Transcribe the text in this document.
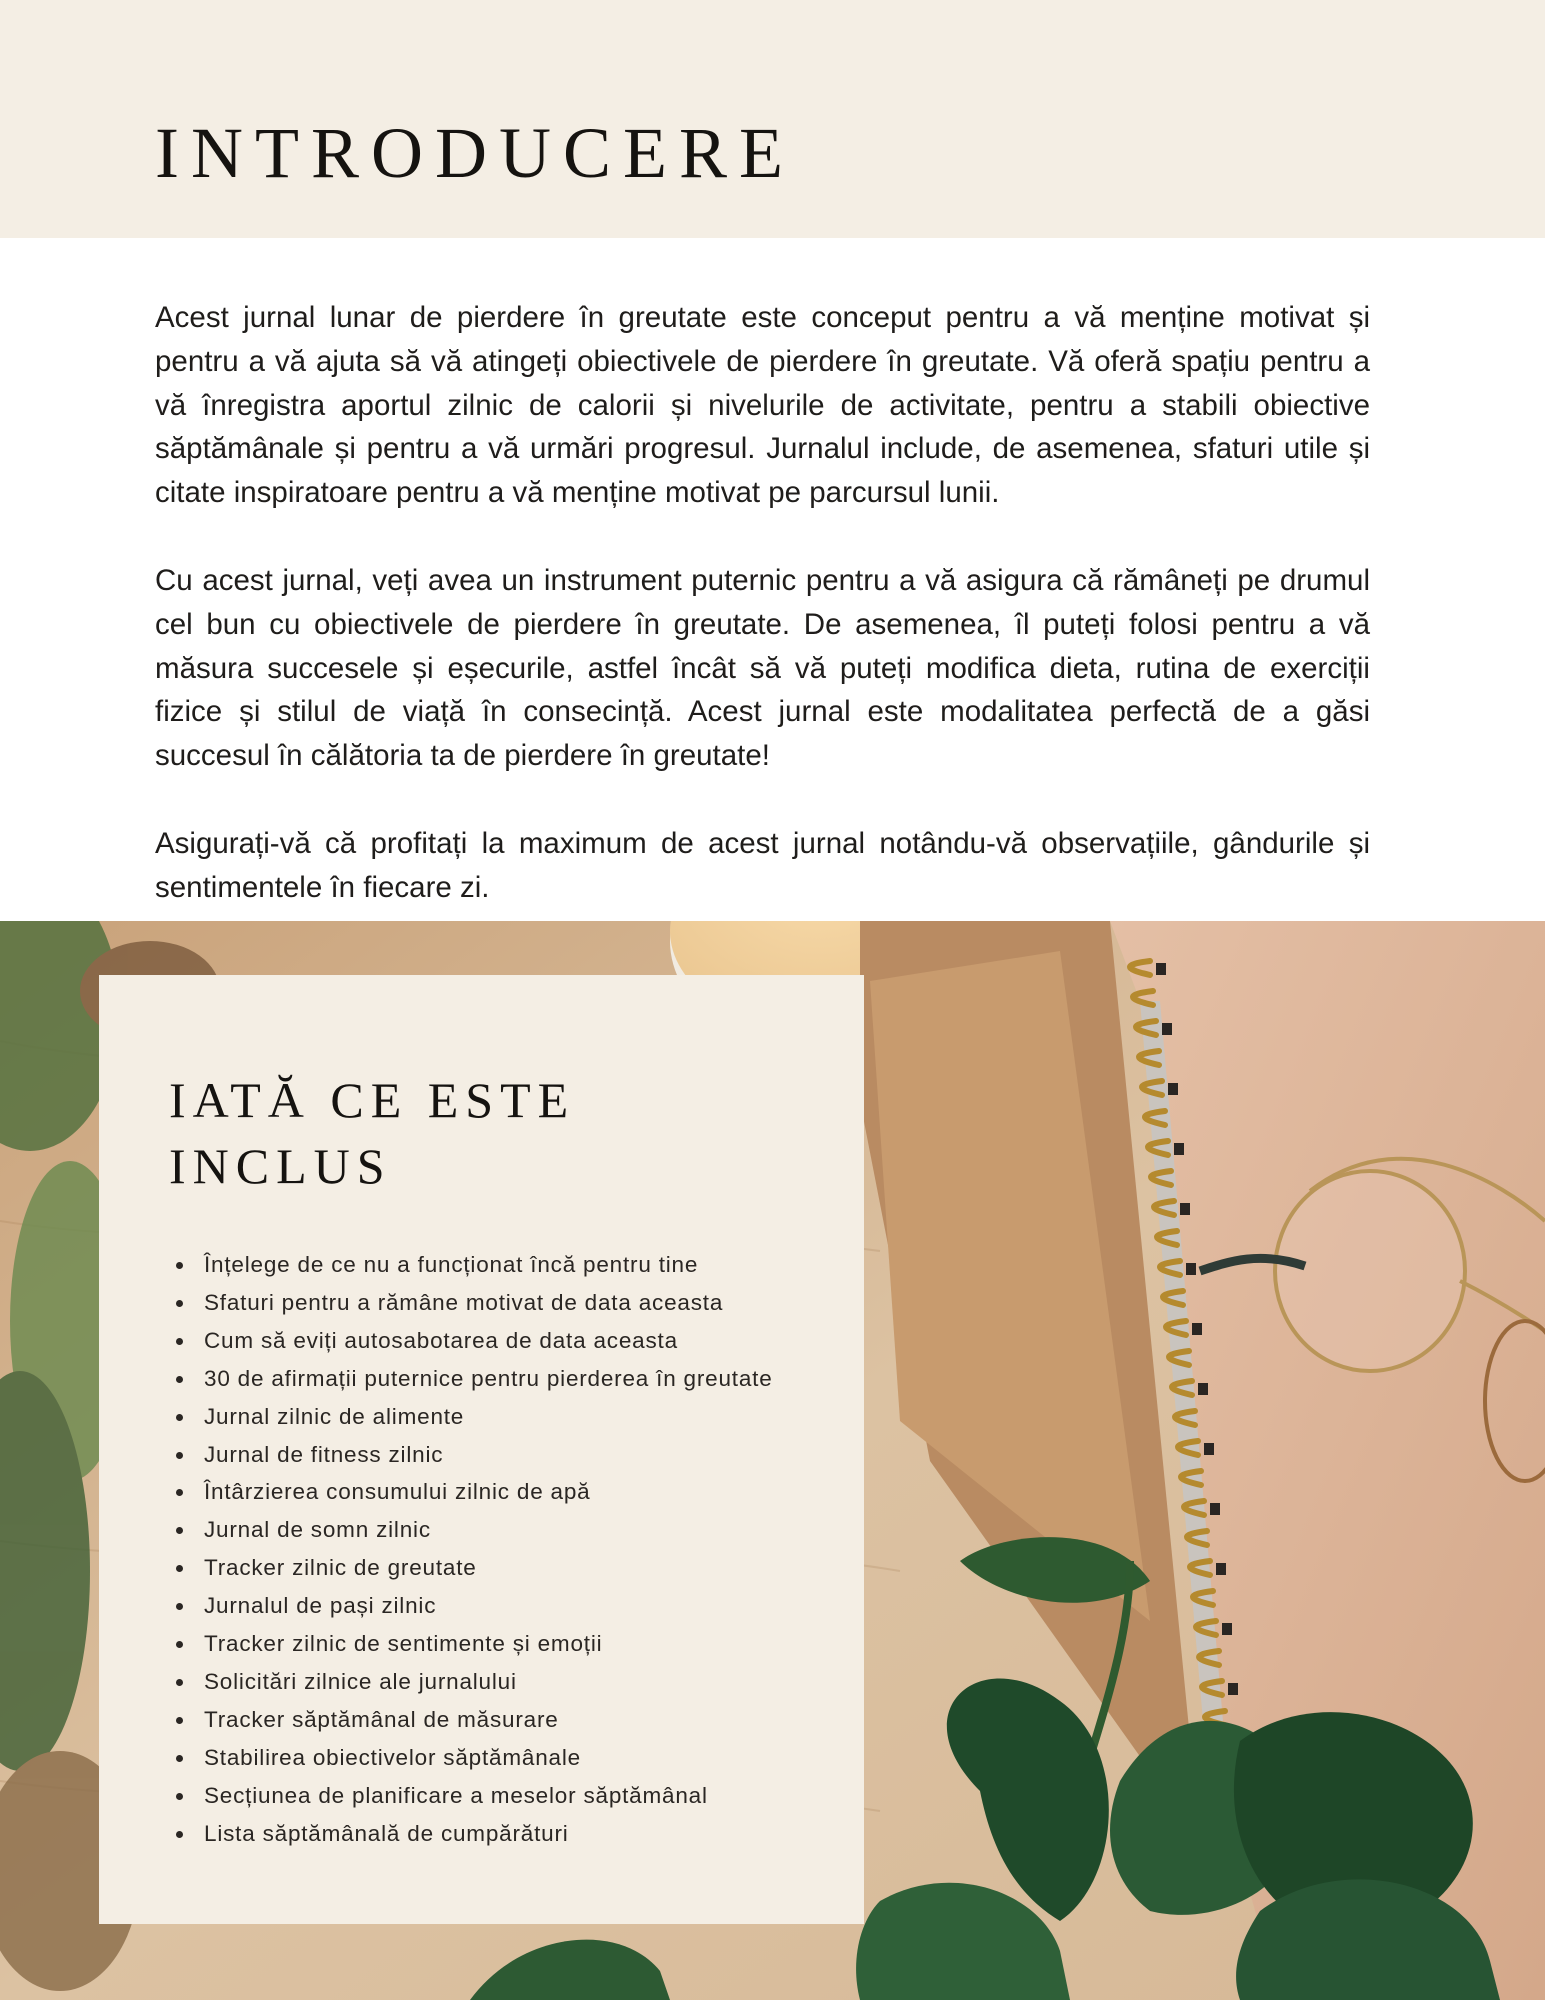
INTRODUCERE

Acest jurnal lunar de pierdere în greutate este conceput pentru a vă menține motivat și pentru a vă ajuta să vă atingeți obiectivele de pierdere în greutate. Vă oferă spațiu pentru a vă înregistra aportul zilnic de calorii și nivelurile de activitate, pentru a stabili obiective săptămânale și pentru a vă urmări progresul. Jurnalul include, de asemenea, sfaturi utile și citate inspiratoare pentru a vă menține motivat pe parcursul lunii.

Cu acest jurnal, veți avea un instrument puternic pentru a vă asigura că rămâneți pe drumul cel bun cu obiectivele de pierdere în greutate. De asemenea, îl puteți folosi pentru a vă măsura succesele și eșecurile, astfel încât să vă puteți modifica dieta, rutina de exerciții fizice și stilul de viață în consecință. Acest jurnal este modalitatea perfectă de a găsi succesul în călătoria ta de pierdere în greutate!

Asigurați-vă că profitați la maximum de acest jurnal notându-vă observațiile, gândurile și sentimentele în fiecare zi.

IATĂ CE ESTE INCLUS
Înțelege de ce nu a funcționat încă pentru tine
Sfaturi pentru a rămâne motivat de data aceasta
Cum să eviți autosabotarea de data aceasta
30 de afirmații puternice pentru pierderea în greutate
Jurnal zilnic de alimente
Jurnal de fitness zilnic
Întârzierea consumului zilnic de apă
Jurnal de somn zilnic
Tracker zilnic de greutate
Jurnalul de pași zilnic
Tracker zilnic de sentimente și emoții
Solicitări zilnice ale jurnalului
Tracker săptămânal de măsurare
Stabilirea obiectivelor săptămânale
Secțiunea de planificare a meselor săptămânal
Lista săptămânală de cumpărături
